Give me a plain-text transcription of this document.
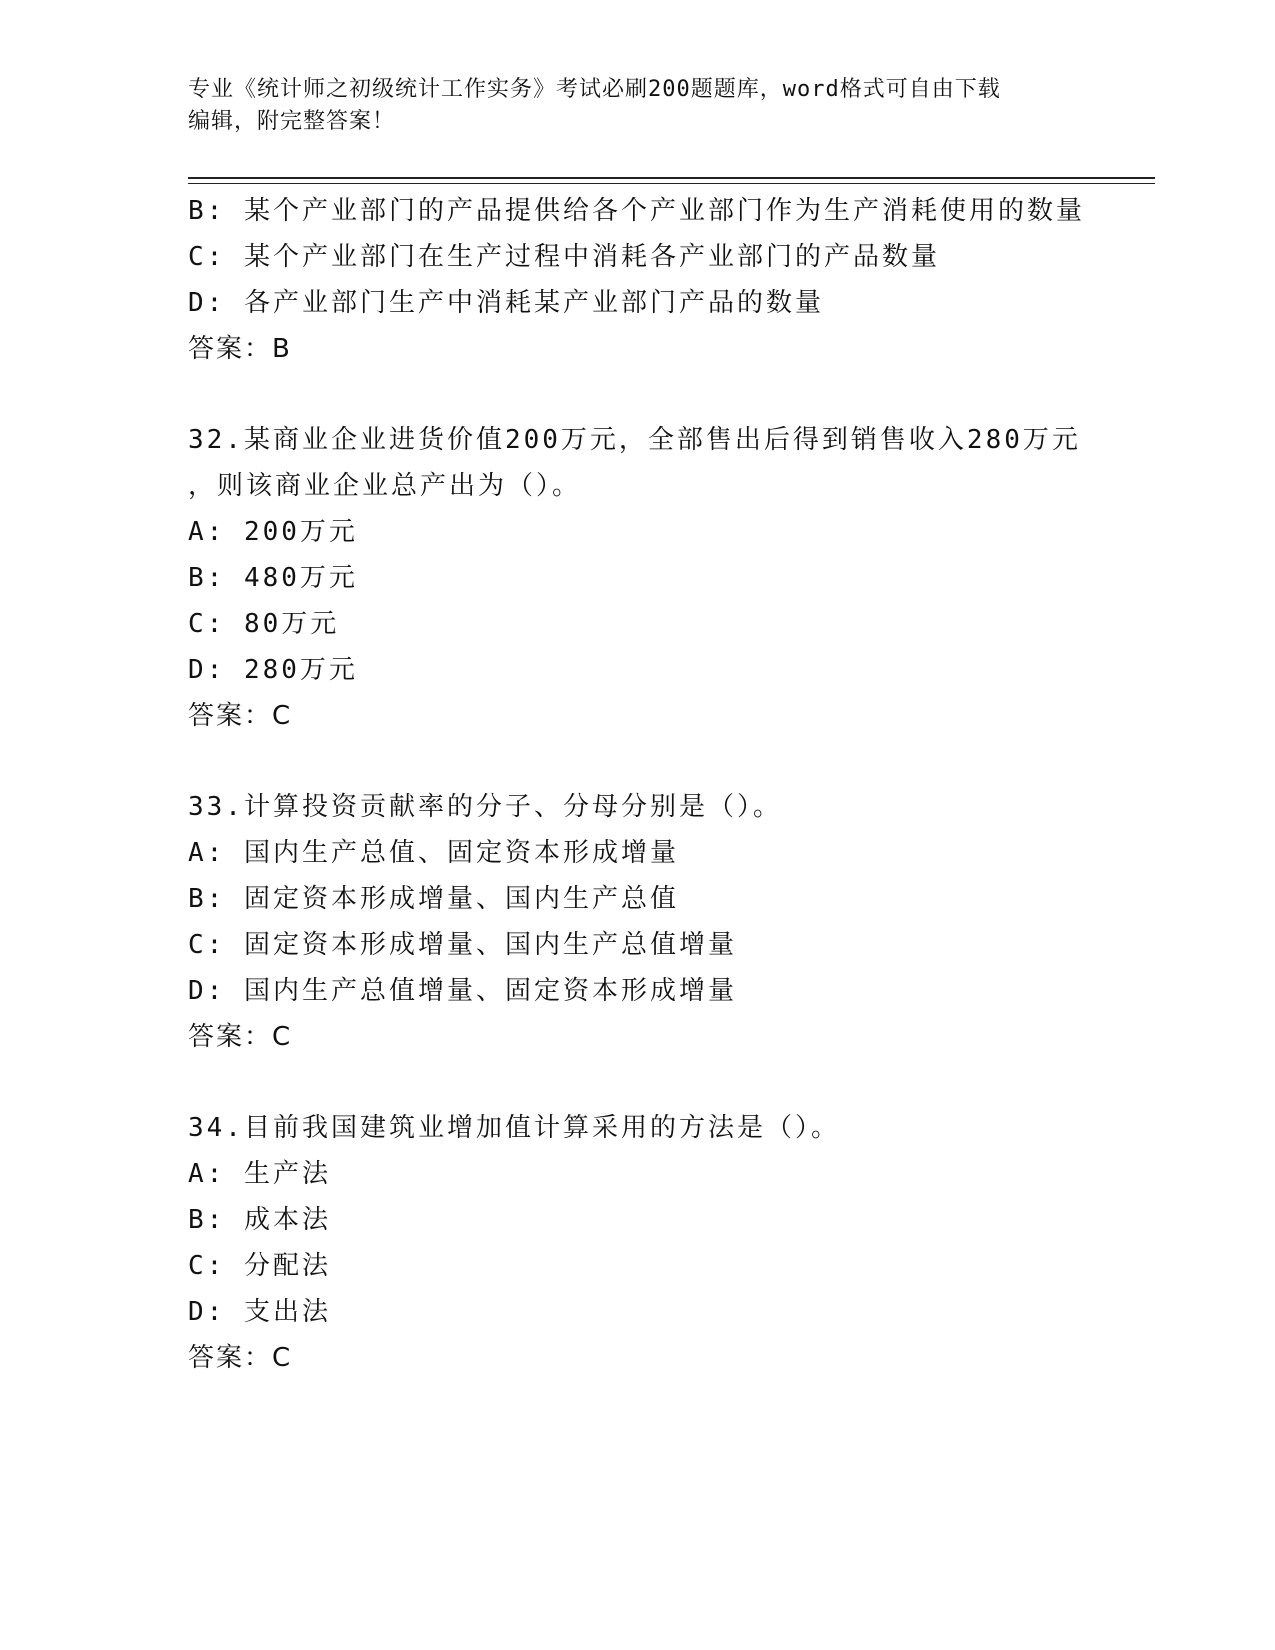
专业《统计师之初级统计工作实务》考试必刷200题题库，word格式可自由下载
编辑，附完整答案！
B: 某个产业部门的产品提供给各个产业部门作为生产消耗使用的数量
C: 某个产业部门在生产过程中消耗各产业部门的产品数量
D: 各产业部门生产中消耗某产业部门产品的数量
答案：B
32.某商业企业进货价值200万元，全部售出后得到销售收入280万元
，则该商业企业总产出为（）。
A: 200万元
B: 480万元
C: 80万元
D: 280万元
答案：C
33.计算投资贡献率的分子、分母分别是（）。
A: 国内生产总值、固定资本形成增量
B: 固定资本形成增量、国内生产总值
C: 固定资本形成增量、国内生产总值增量
D: 国内生产总值增量、固定资本形成增量
答案：C
34.目前我国建筑业增加值计算采用的方法是（）。
A: 生产法
B: 成本法
C: 分配法
D: 支出法
答案：C
